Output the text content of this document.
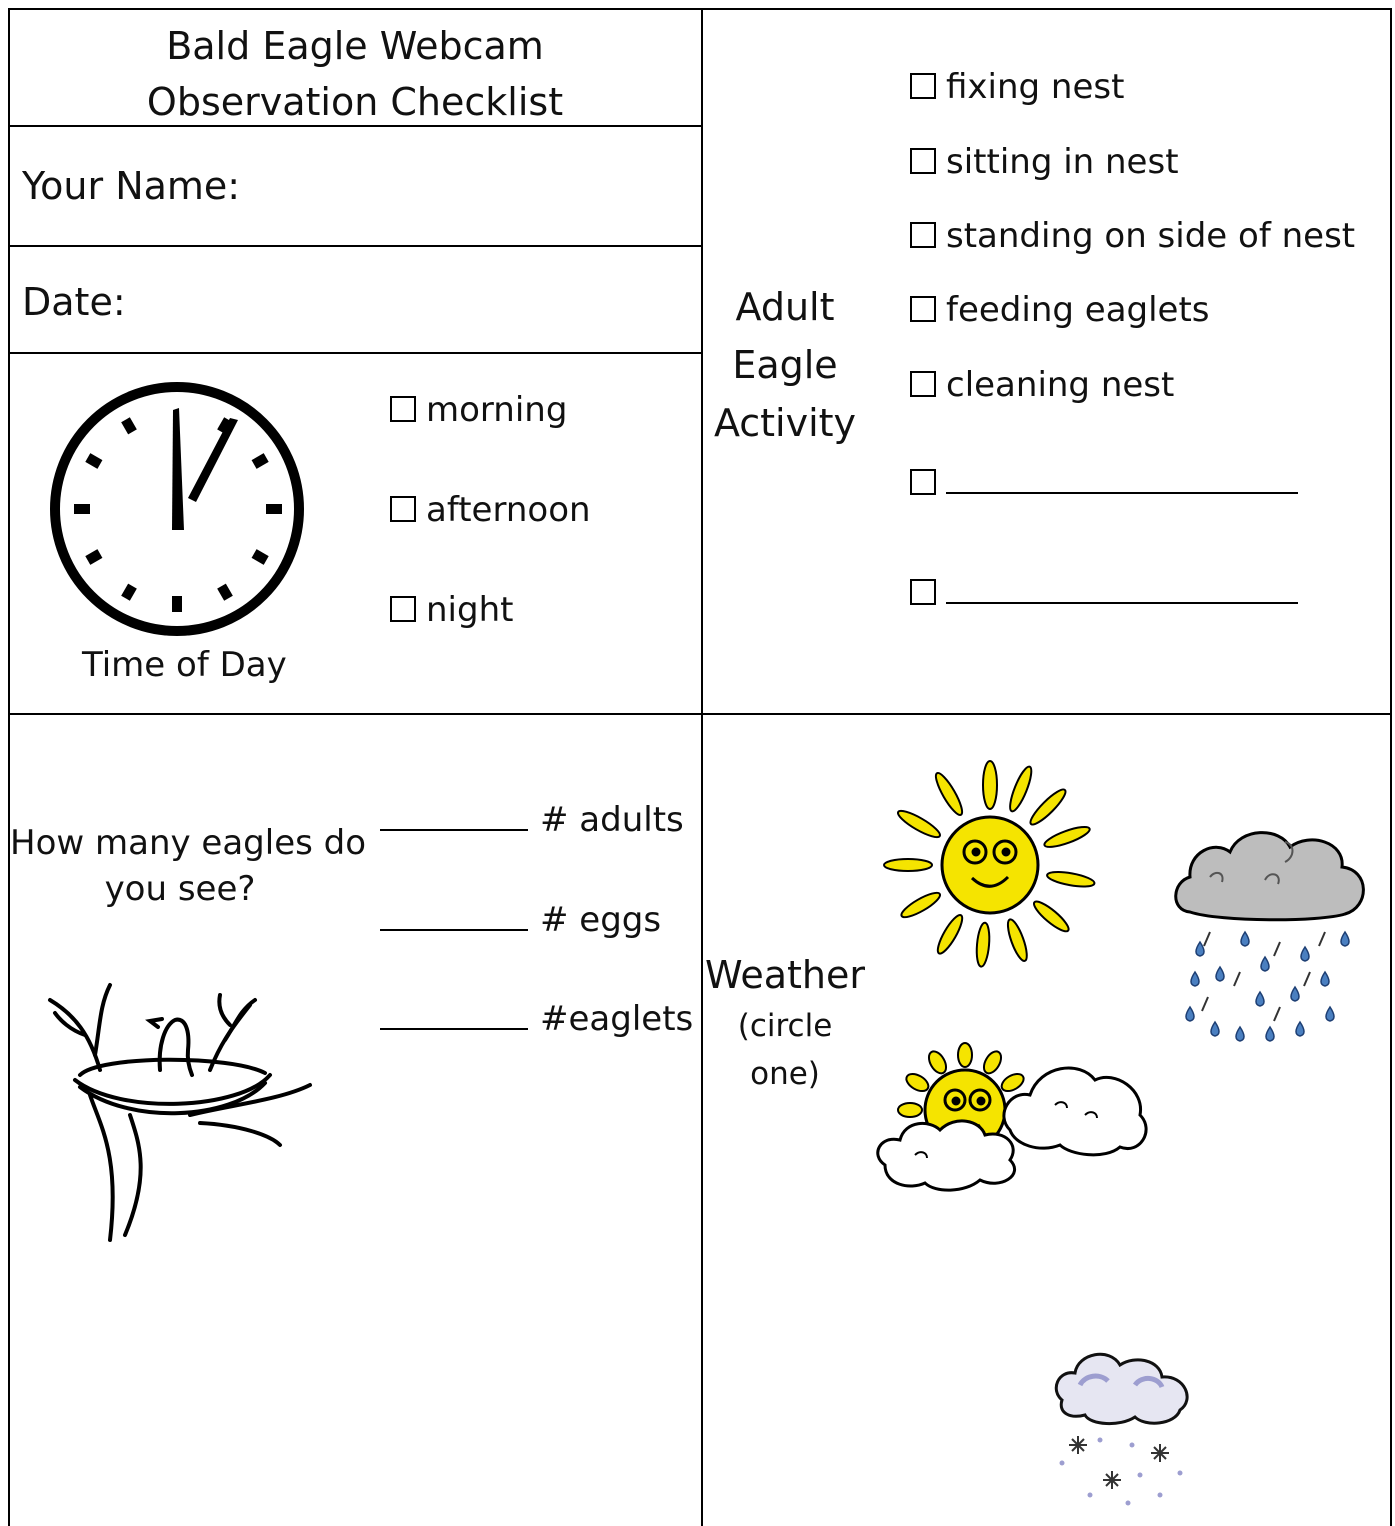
Bald Eagle Webcam
Observation Checklist
Your Name:
Date:
Time of Day
morning
afternoon
night
Adult
Eagle
Activity
fixing nest
sitting in nest
standing on side of nest
feeding eaglets
cleaning nest
How many eagles do
you see?
# adults
# eggs
#eaglets
Weather
(circle
one)
